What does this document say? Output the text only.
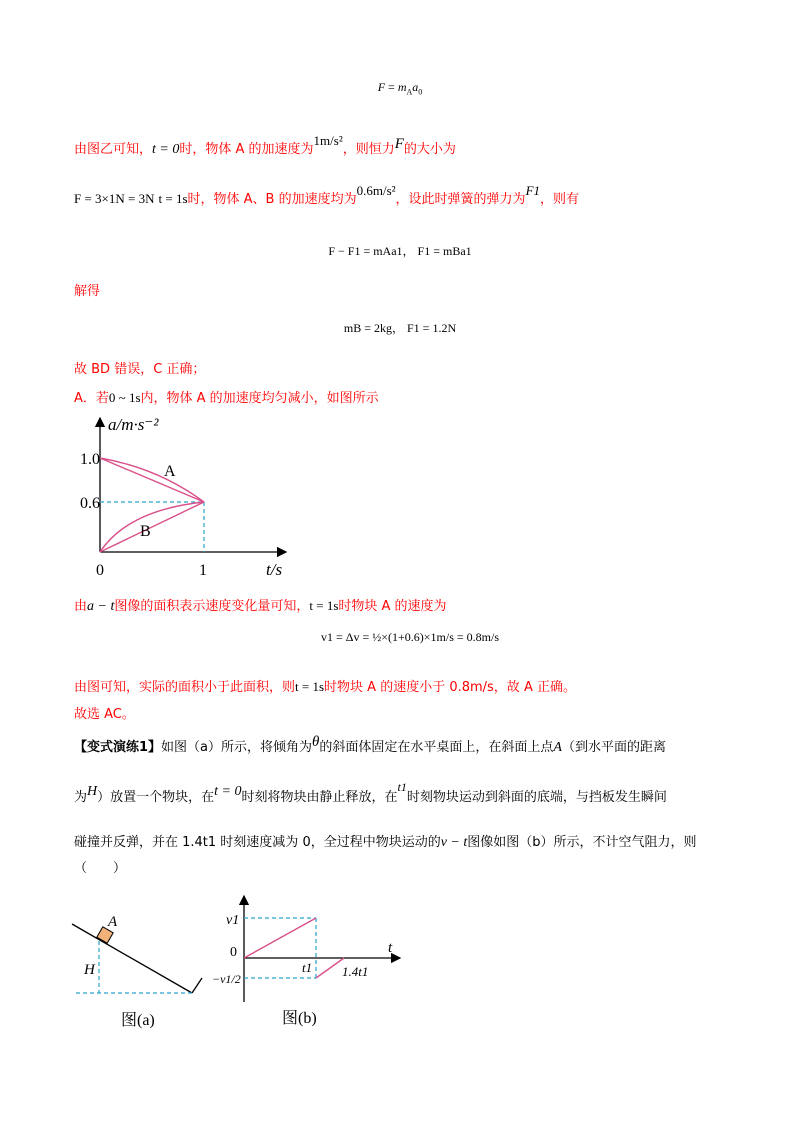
$F = m_Aa_0$
由图乙可知，t = 0时，物体 A 的加速度为1m/s²，则恒力F的大小为
F = 3×1N = 3N t = 1s时，物体 A、B 的加速度均为0.6m/s²，设此时弹簧的弹力为F1，则有
F − F1 = mAa1， F1 = mBa1
解得
mB = 2kg， F1 = 1.2N
故 BD 错误，C 正确；
A．若0 ~ 1s内，物体 A 的加速度均匀减小，如图所示
a/m·s⁻²
t/s
1.0
0.6
0	1
A
B
由a − t图像的面积表示速度变化量可知，t = 1s时物块 A 的速度为
v1 = Δv = ½×(1+0.6)×1m/s = 0.8m/s
由图可知，实际的面积小于此面积，则t = 1s时物块 A 的速度小于 0.8m/s，故 A 正确。
故选 AC。
【变式演练1】如图（a）所示，将倾角为θ的斜面体固定在水平桌面上，在斜面上点A（到水平面的距离
为H）放置一个物块，在t = 0时刻将物块由静止释放，在t1时刻物块运动到斜面的底端，与挡板发生瞬间
碰撞并反弹，并在 1.4t1 时刻速度减为 0，全过程中物块运动的v − t图像如图（b）所示，不计空气阻力，则
（　　）
A
H
图(a)
v1
0
−v1/2
t1 1.4t1
t
图(b)
